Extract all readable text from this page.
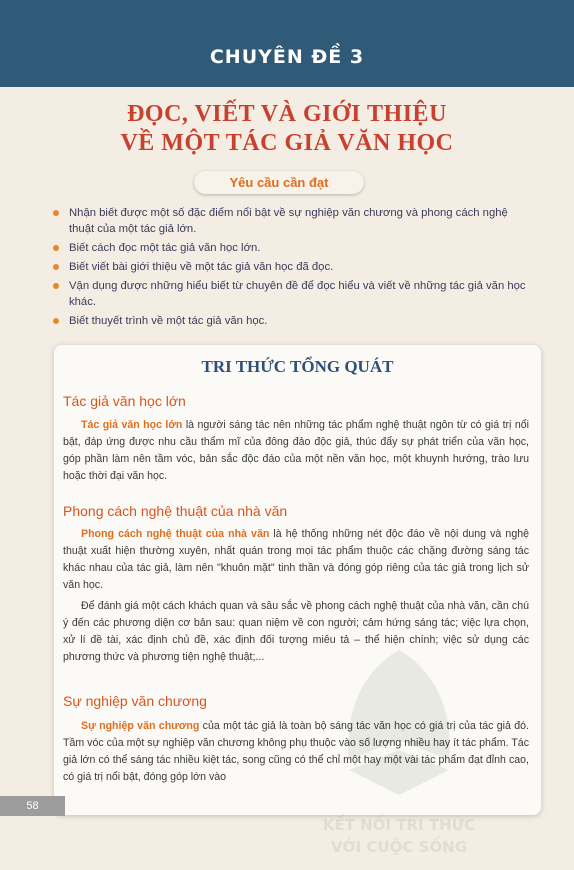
CHUYÊN ĐỀ 3
ĐỌC, VIẾT VÀ GIỚI THIỆU
VỀ MỘT TÁC GIẢ VĂN HỌC
Yêu cầu cần đạt
Nhận biết được một số đặc điểm nổi bật về sự nghiệp văn chương và phong cách nghệ thuật của một tác giả lớn.
Biết cách đọc một tác giả văn học lớn.
Biết viết bài giới thiệu về một tác giả văn học đã đọc.
Vận dụng được những hiểu biết từ chuyên đề để đọc hiểu và viết về những tác giả văn học khác.
Biết thuyết trình về một tác giả văn học.
KẾT NỐI TRI THỨC
VỚI CUỘC SỐNG
TRI THỨC TỔNG QUÁT
Tác giả văn học lớn
Tác giả văn học lớn là người sáng tác nên những tác phẩm nghệ thuật ngôn từ có giá trị nổi bật, đáp ứng được nhu cầu thẩm mĩ của đông đảo độc giả, thúc đẩy sự phát triển của văn học, góp phần làm nên tầm vóc, bản sắc độc đáo của một nền văn học, một khuynh hướng, trào lưu hoặc thời đại văn học.
Phong cách nghệ thuật của nhà văn
Phong cách nghệ thuật của nhà văn là hệ thống những nét độc đáo về nội dung và nghệ thuật xuất hiện thường xuyên, nhất quán trong mọi tác phẩm thuộc các chặng đường sáng tác khác nhau của tác giả, làm nên "khuôn mặt" tinh thần và đóng góp riêng của tác giả trong lịch sử văn học.
Để đánh giá một cách khách quan và sâu sắc về phong cách nghệ thuật của nhà văn, cần chú ý đến các phương diện cơ bản sau: quan niệm về con người; cảm hứng sáng tác; việc lựa chọn, xử lí đề tài, xác định chủ đề, xác định đối tượng miêu tả – thể hiện chính; việc sử dụng các phương thức và phương tiện nghệ thuật;...
Sự nghiệp văn chương
Sự nghiệp văn chương của một tác giả là toàn bộ sáng tác văn học có giá trị của tác giả đó. Tầm vóc của một sự nghiệp văn chương không phụ thuộc vào số lượng nhiều hay ít tác phẩm. Tác giả lớn có thể sáng tác nhiều kiệt tác, song cũng có thể chỉ một hay một vài tác phẩm đạt đỉnh cao, có giá trị nổi bật, đóng góp lớn vào
58
